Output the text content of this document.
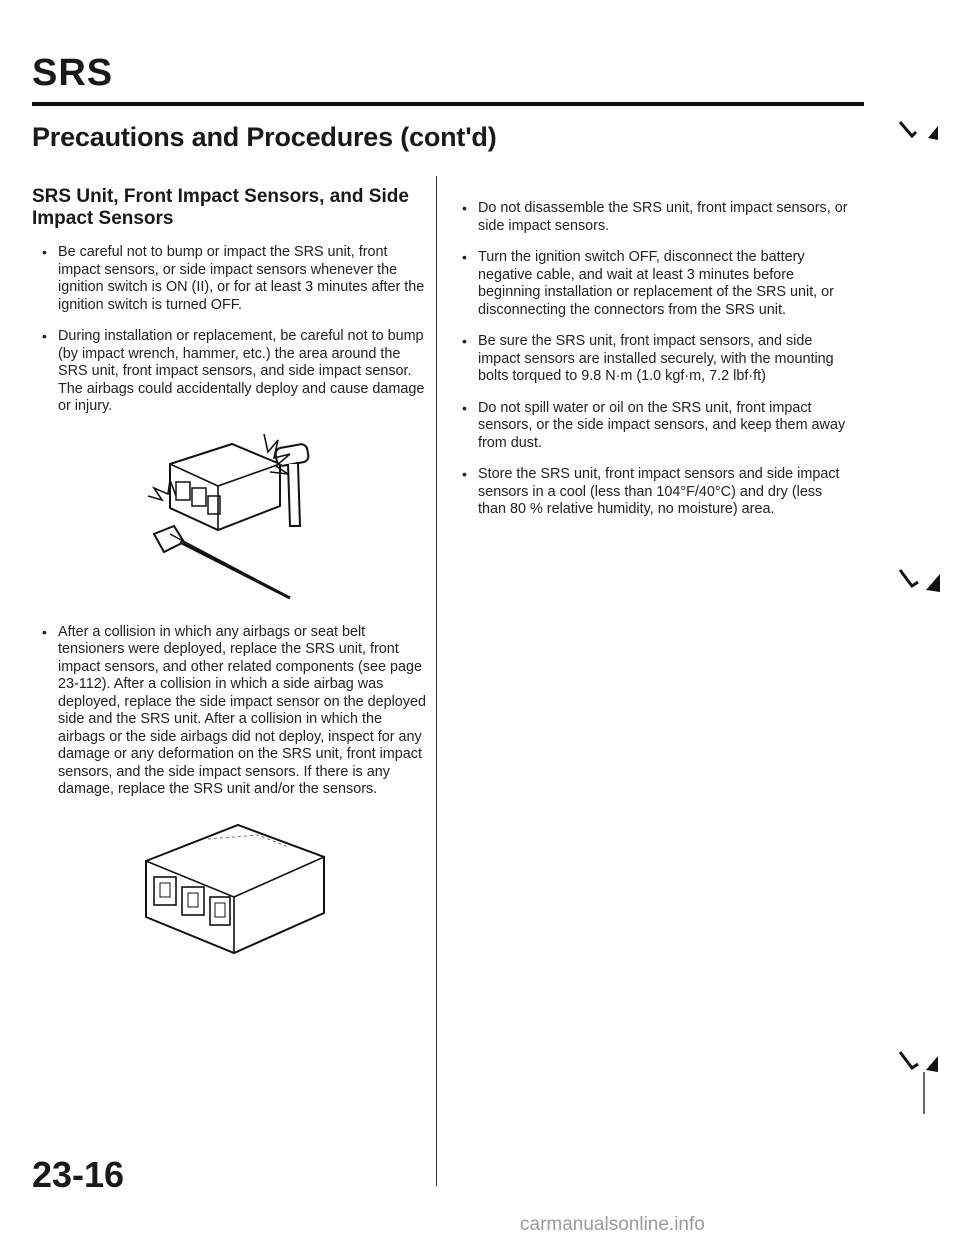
SRS
Precautions and Procedures (cont'd)
SRS Unit, Front Impact Sensors, and Side Impact Sensors
• Be careful not to bump or impact the SRS unit, front impact sensors, or side impact sensors whenever the ignition switch is ON (II), or for at least 3 minutes after the ignition switch is turned OFF.
• During installation or replacement, be careful not to bump (by impact wrench, hammer, etc.) the area around the SRS unit, front impact sensors, and side impact sensor. The airbags could accidentally deploy and cause damage or injury.
• After a collision in which any airbags or seat belt tensioners were deployed, replace the SRS unit, front impact sensors, and other related components (see page 23-112). After a collision in which a side airbag was deployed, replace the side impact sensor on the deployed side and the SRS unit. After a collision in which the airbags or the side airbags did not deploy, inspect for any damage or any deformation on the SRS unit, front impact sensors, and the side impact sensors. If there is any damage, replace the SRS unit and/or the sensors.
• Do not disassemble the SRS unit, front impact sensors, or side impact sensors.
• Turn the ignition switch OFF, disconnect the battery negative cable, and wait at least 3 minutes before beginning installation or replacement of the SRS unit, or disconnecting the connectors from the SRS unit.
• Be sure the SRS unit, front impact sensors, and side impact sensors are installed securely, with the mounting bolts torqued to 9.8 N·m (1.0 kgf·m, 7.2 lbf·ft)
• Do not spill water or oil on the SRS unit, front impact sensors, or the side impact sensors, and keep them away from dust.
• Store the SRS unit, front impact sensors and side impact sensors in a cool (less than 104°F/40°C) and dry (less than 80 % relative humidity, no moisture) area.
23-16
carmanualsonline.info
